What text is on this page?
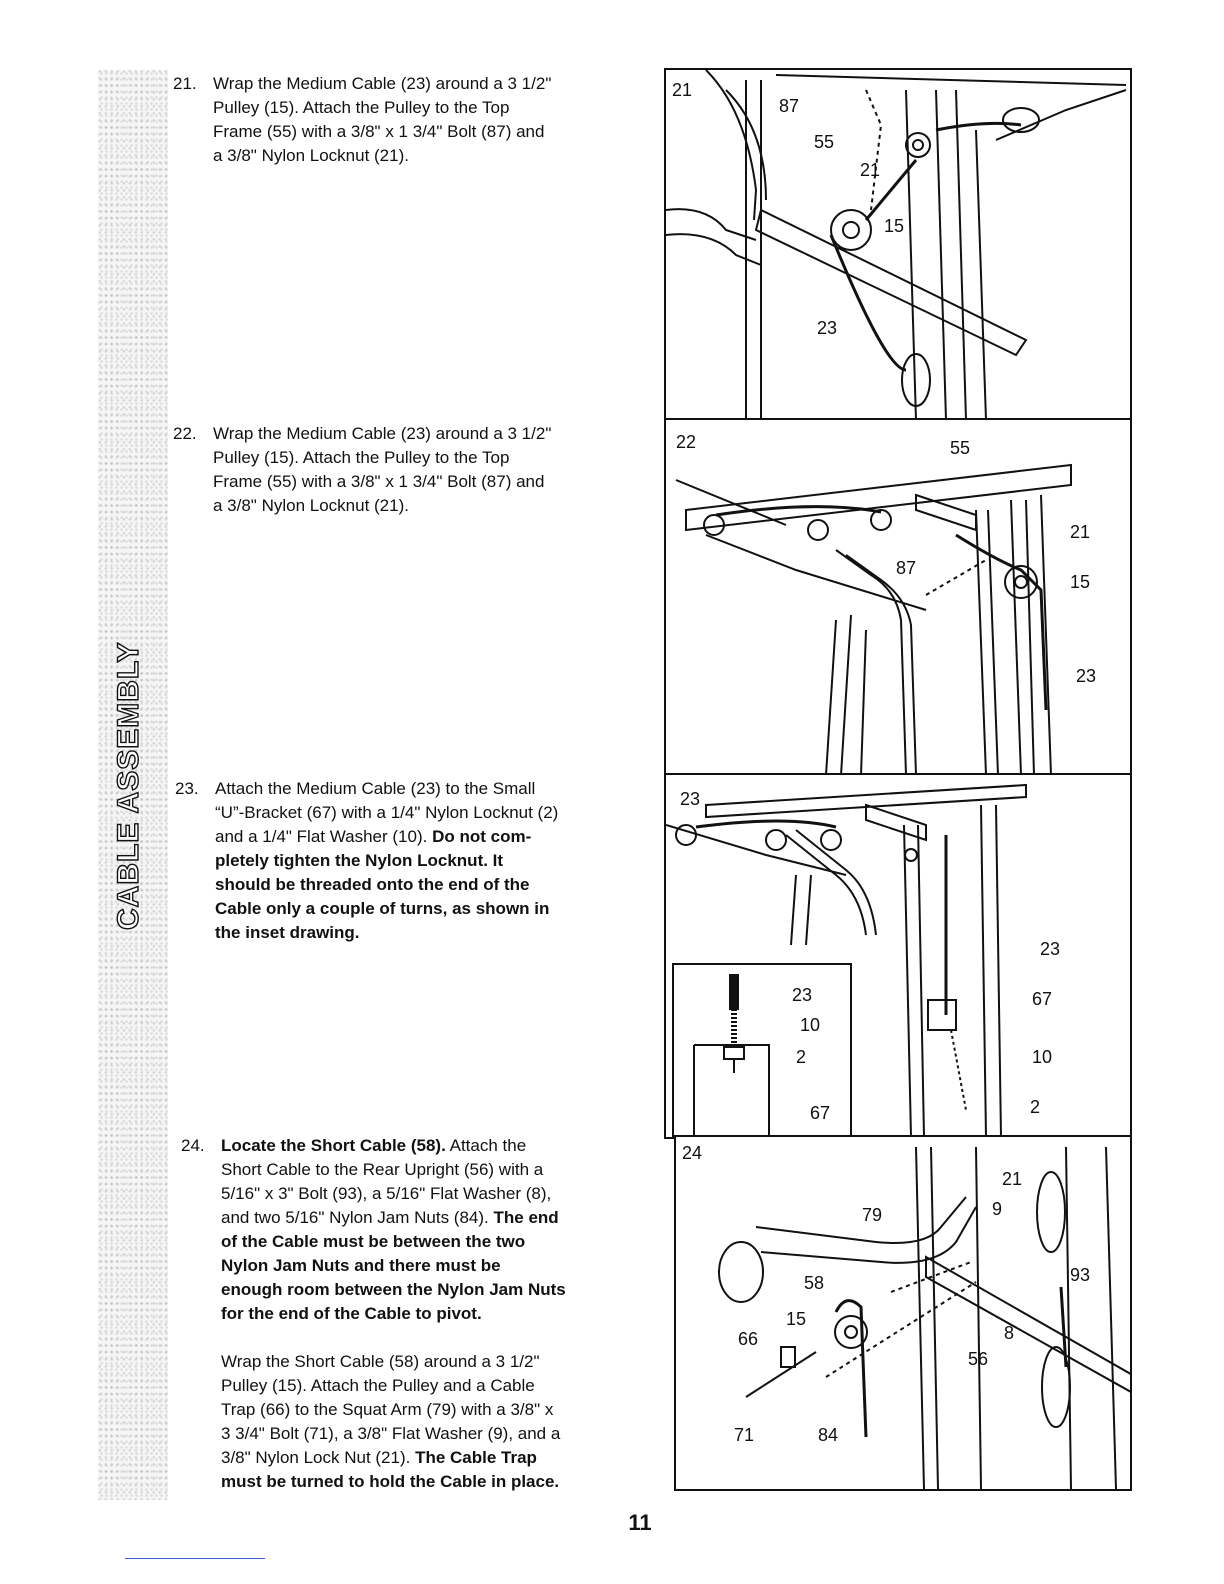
CABLE ASSEMBLY
21. Wrap the Medium Cable (23) around a 3 1/2"

Pulley (15). Attach the Pulley to the Top

Frame (55) with a 3/8" x 1 3/4" Bolt (87) and

a 3/8" Nylon Locknut (21).

22. Wrap the Medium Cable (23) around a 3 1/2"

Pulley (15). Attach the Pulley to the Top

Frame (55) with a 3/8" x 1 3/4" Bolt (87) and

a 3/8" Nylon Locknut (21).

23. Attach the Medium Cable (23) to the Small

“U”-Bracket (67) with a 1/4" Nylon Locknut (2)

and a 1/4" Flat Washer (10). Do not com-

pletely tighten the Nylon Locknut. It

should be threaded onto the end of the

Cable only a couple of turns, as shown in

the inset drawing.

24. Locate the Short Cable (58). Attach the

Short Cable to the Rear Upright (56) with a

5/16" x 3" Bolt (93), a 5/16" Flat Washer (8),

and two 5/16" Nylon Jam Nuts (84). The end

of the Cable must be between the two

Nylon Jam Nuts and there must be

enough room between the Nylon Jam Nuts

for the end of the Cable to pivot.

Wrap the Short Cable (58) around a 3 1/2"

Pulley (15). Attach the Pulley and a Cable

Trap (66) to the Squat Arm (79) with a 3/8" x

3 3/4" Bolt (71), a 3/8" Flat Washer (9), and a

3/8" Nylon Lock Nut (21). The Cable Trap

must be turned to hold the Cable in place.

21
87
55
21
15
23
22	55
21
87
15
23
23
23
67
10
2
23
10
2
67
24
21
79	9
93
58
15
66	8
56
71	84
11
